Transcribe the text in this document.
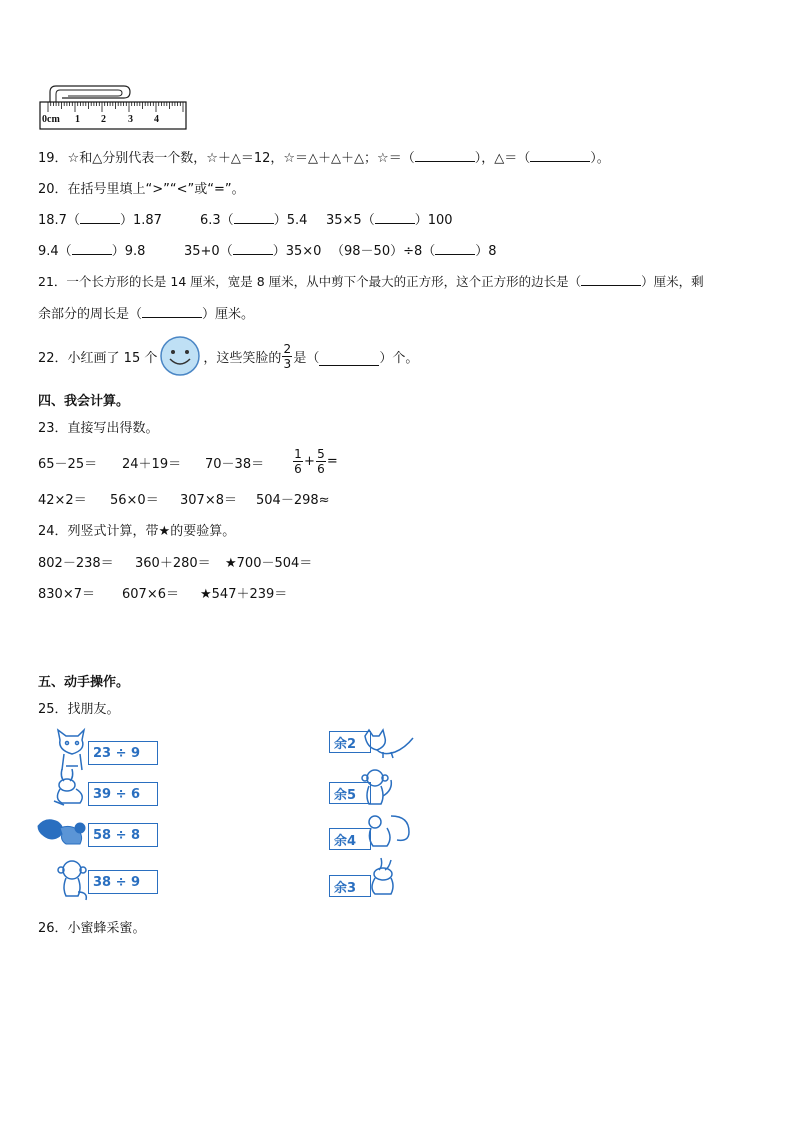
0cm 1 2 3 4
19．☆和△分别代表一个数，☆＋△＝12，☆＝△＋△＋△；☆＝（	），△＝（	）。
20．在括号里填上“>”“<”或“=”。
18.7（	）1.87	6.3（	）5.4 35×5（	）100
9.4（	）9.8	35+0（	）35×0 （98－50）÷8（	）8
21．一个长方形的长是 14 厘米，宽是 8 厘米，从中剪下个最大的正方形，这个正方形的边长是（	）厘米，剩
余部分的周长是（	）厘米。
22．小红画了 15 个	，这些笑脸的 $\frac{2}{3}$ 是（	）个。
四、我会计算。
23．直接写出得数。
$65-25= 24+19= 70-38= \frac{1}{6} + \frac{5}{6}$ =
42×2＝ 56×0＝ 307×8＝ 504－298≈
24．列竖式计算，带★的要验算。
802－238＝ 360＋280＝ ★700－504＝
830×7＝ 607×6＝ ★547＋239＝
五、动手操作。
25．找朋友。
23 ÷ 9
39 ÷ 6
58 ÷ 8
38 ÷ 9
余2
余5
余4
余3
26．小蜜蜂采蜜。
